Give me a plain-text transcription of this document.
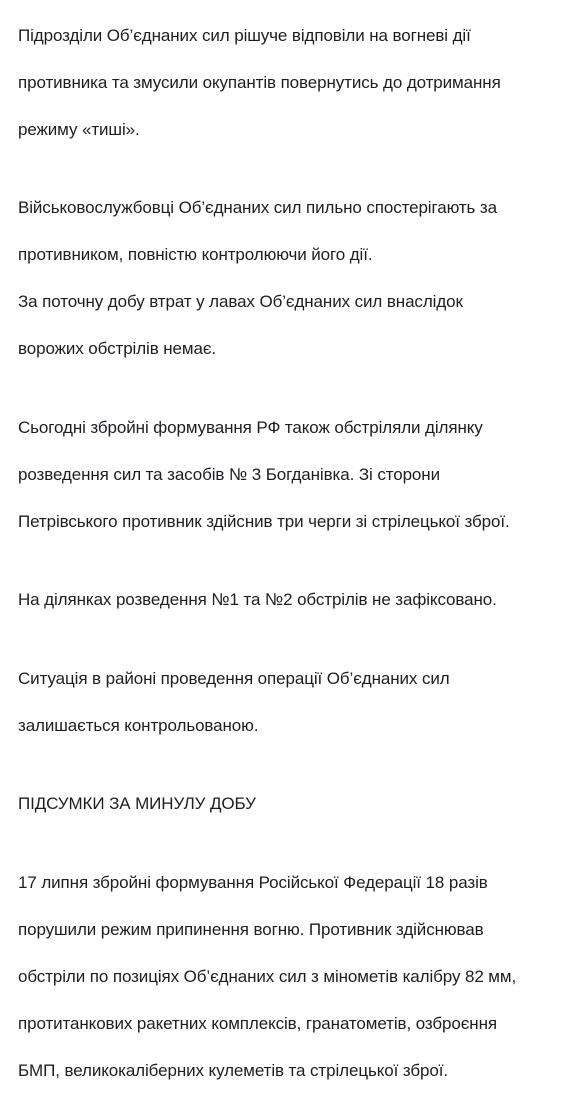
Підрозділи Об’єднаних сил рішуче відповіли на вогневі дії

противника та змусили окупантів повернутись до дотримання

режиму «тиші».

Військовослужбовці Об’єднаних сил пильно спостерігають за

противником, повністю контролюючи його дії.

За поточну добу втрат у лавах Об’єднаних сил внаслідок

ворожих обстрілів немає.

Сьогодні збройні формування РФ також обстріляли ділянку

розведення сил та засобів № 3 Богданівка. Зі сторони

Петрівського противник здійснив три черги зі стрілецької зброї.

На ділянках розведення №1 та №2 обстрілів не зафіксовано.

Ситуація в районі проведення операції Об’єднаних сил

залишається контрольованою.

ПІДСУМКИ ЗА МИНУЛУ ДОБУ

17 липня збройні формування Російської Федерації 18 разів

порушили режим припинення вогню. Противник здійснював

обстріли по позиціях Об’єднаних сил з мінометів калібру 82 мм,

протитанкових ракетних комплексів, гранатометів, озброєння

БМП, великокаліберних кулеметів та стрілецької зброї.
